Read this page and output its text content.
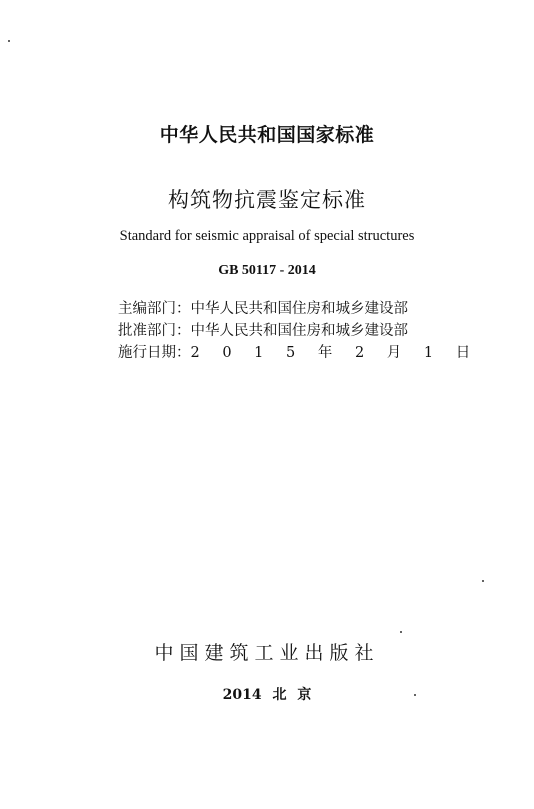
中华人民共和国国家标准
构筑物抗震鉴定标准
Standard for seismic appraisal of special structures
GB 50117 - 2014
主编部门：中华人民共和国住房和城乡建设部
批准部门：中华人民共和国住房和城乡建设部
施行日期：2 0 1 5 年 2 月 1 日
中国建筑工业出版社
2014 北 京
